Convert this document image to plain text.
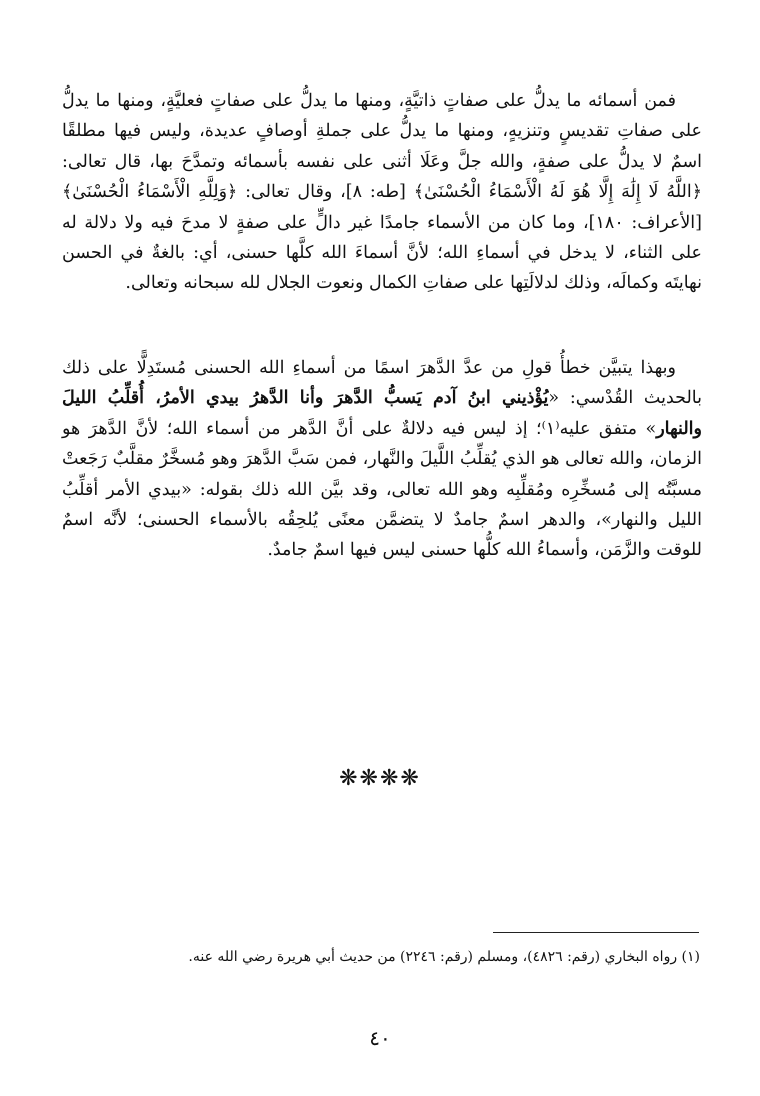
فمن أسمائه ما يدلُّ على صفاتٍ ذاتيَّةٍ، ومنها ما يدلُّ على صفاتٍ فعليَّةٍ، ومنها ما يدلُّ على صفاتِ تقديسٍ وتنزيهٍ، ومنها ما يدلُّ على جملةِ أوصافٍ عديدة، وليس فيها مطلقًا اسمٌ لا يدلُّ على صفةٍ، والله جلَّ وعَلَا أثنى على نفسه بأسمائه وتمدَّحَ بها، قال تعالى: ﴿اللَّهُ لَا إِلَٰهَ إِلَّا هُوَ لَهُ الْأَسْمَاءُ الْحُسْنَىٰ﴾ [طه: ٨]، وقال تعالى: ﴿وَلِلَّهِ الْأَسْمَاءُ الْحُسْنَىٰ﴾ [الأعراف: ١٨٠]، وما كان من الأسماء جامدًا غير دالٍّ على صفةٍ لا مدحَ فيه ولا دلالة له على الثناء، لا يدخل في أسماءِ الله؛ لأنَّ أسماءَ الله كلَّها حسنى، أي: بالغةٌ في الحسن نهايتَه وكمالَه، وذلك لدلالَتِها على صفاتِ الكمال ونعوت الجلال لله سبحانه وتعالى.

وبهذا يتبيَّن خطأُ قولِ من عدَّ الدَّهرَ اسمًا من أسماءِ الله الحسنى مُستَدِلًّا على ذلك بالحديث القُدْسي: «يُؤْذيني ابنُ آدم يَسبُّ الدَّهرَ وأنا الدَّهرُ بيدي الأمرُ، أُقلِّبُ الليلَ والنهار» متفق عليه⁽١⁾؛ إذ ليس فيه دلالةٌ على أنَّ الدَّهر من أسماء الله؛ لأنَّ الدَّهرَ هو الزمان، والله تعالى هو الذي يُقلِّبُ اللَّيلَ والنَّهار، فمن سَبَّ الدَّهرَ وهو مُسخَّرٌ مقلَّبٌ رَجَعتْ مسبَّتُه إلى مُسخِّرِه ومُقلِّبِه وهو الله تعالى، وقد بيَّن الله ذلك بقوله: «بيدي الأمر أقلِّبُ الليل والنهار»، والدهر اسمٌ جامدٌ لا يتضمَّن معنًى يُلحِقُه بالأسماء الحسنى؛ لأنَّه اسمٌ للوقت والزَّمَن، وأسماءُ الله كلُّها حسنى ليس فيها اسمٌ جامدٌ.

❋❋❋❋
(١) رواه البخاري (رقم: ٤٨٢٦)، ومسلم (رقم: ٢٢٤٦) من حديث أبي هريرة رضي الله عنه.
٤٠
